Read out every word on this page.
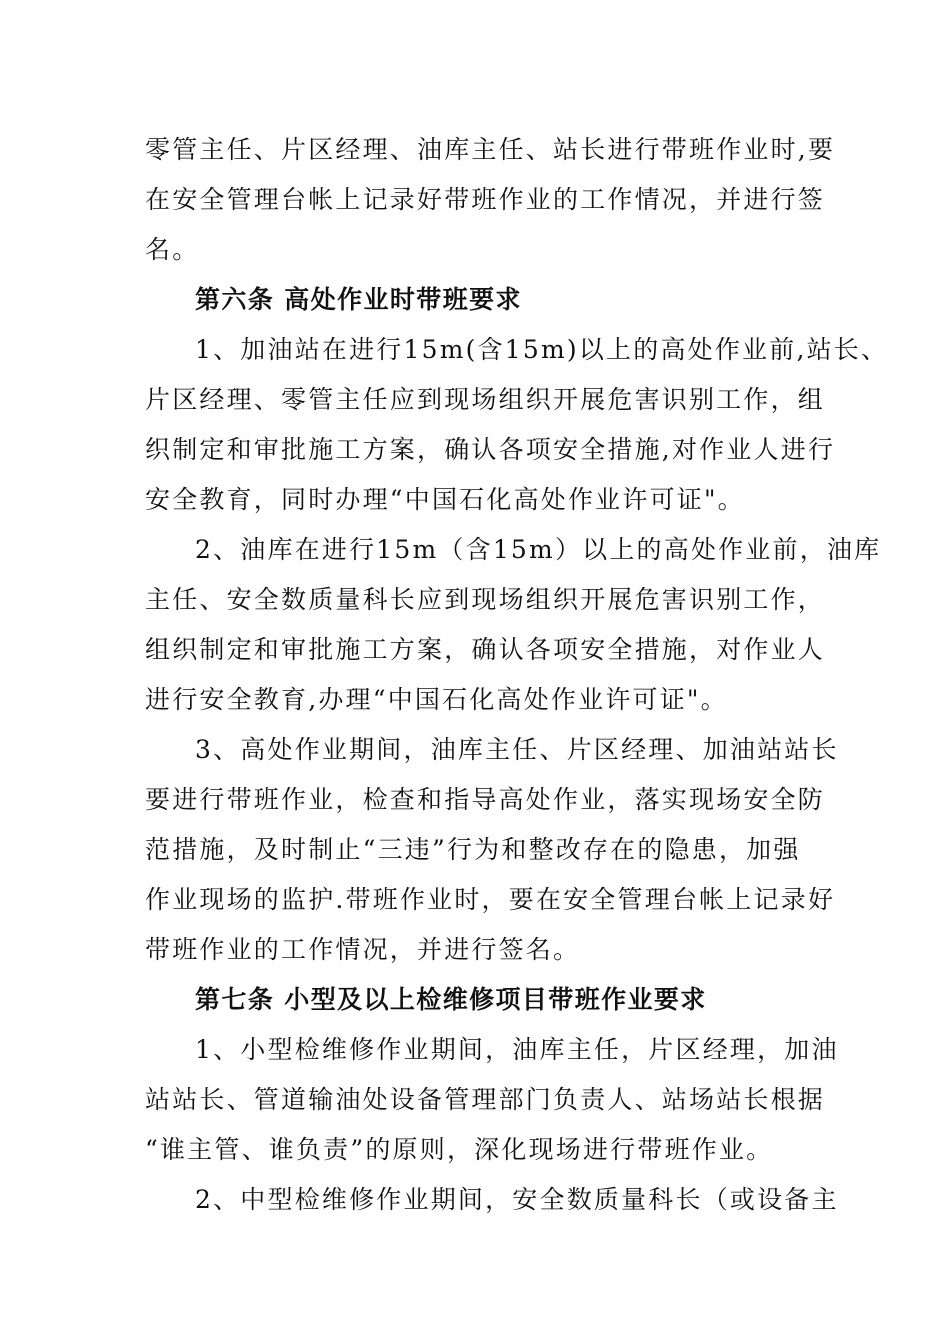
零管主任、片区经理、油库主任、站长进行带班作业时,要
在安全管理台帐上记录好带班作业的工作情况，并进行签
名。
第六条 高处作业时带班要求
1、加油站在进行15m(含15m)以上的高处作业前,站长、
片区经理、零管主任应到现场组织开展危害识别工作，组
织制定和审批施工方案，确认各项安全措施,对作业人进行
安全教育，同时办理“中国石化高处作业许可证"。
2、油库在进行15m（含15m）以上的高处作业前，油库
主任、安全数质量科长应到现场组织开展危害识别工作，
组织制定和审批施工方案，确认各项安全措施，对作业人
进行安全教育,办理“中国石化高处作业许可证"。
3、高处作业期间，油库主任、片区经理、加油站站长
要进行带班作业，检查和指导高处作业，落实现场安全防
范措施，及时制止“三违”行为和整改存在的隐患，加强
作业现场的监护.带班作业时，要在安全管理台帐上记录好
带班作业的工作情况，并进行签名。
第七条 小型及以上检维修项目带班作业要求
1、小型检维修作业期间，油库主任，片区经理，加油
站站长、管道输油处设备管理部门负责人、站场站长根据
“谁主管、谁负责”的原则，深化现场进行带班作业。
2、中型检维修作业期间，安全数质量科长（或设备主
